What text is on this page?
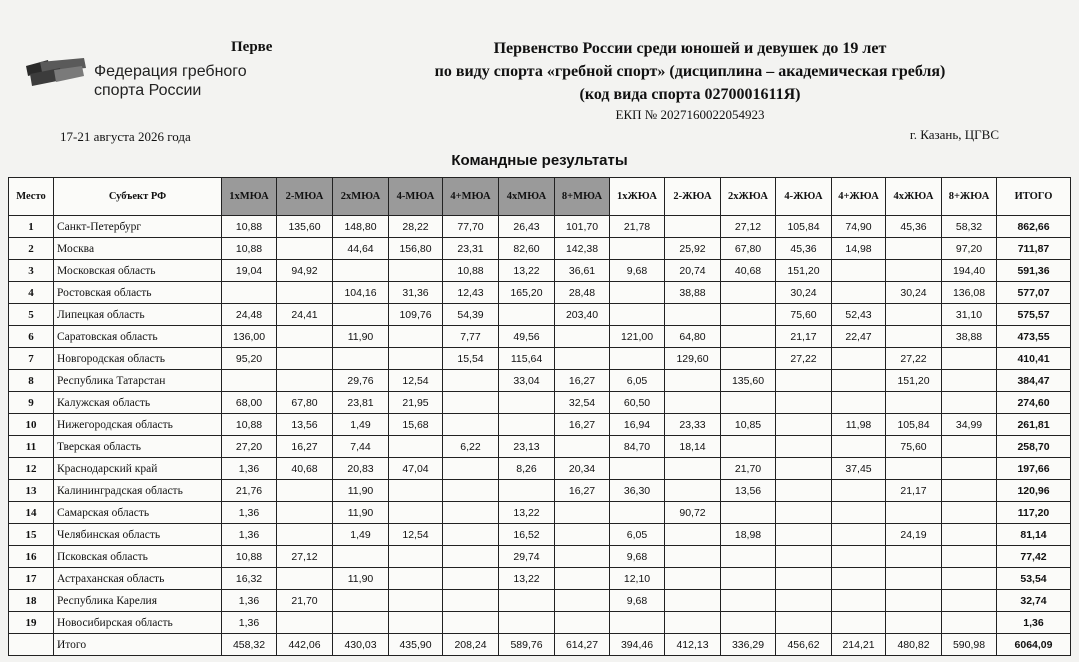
Федерация гребного
спорта России
Перве	Первенство России среди юношей и девушек до 19 лет
по виду спорта «гребной спорт» (дисциплина – академическая гребля)
(код вида спорта 0270001611Я)
ЕКП № 2027160022054923
17-21 августа 2026 года	г. Казань, ЦГВС
Командные результаты
Место	Субъект РФ	1хМЮА	2-МЮА	2хМЮА	4-МЮА	4+МЮА	4хМЮА	8+МЮА	1хЖЮА	2-ЖЮА	2хЖЮА	4-ЖЮА	4+ЖЮА	4хЖЮА	8+ЖЮА	ИТОГО
1	Санкт-Петербург	10,88	135,60	148,80	28,22	77,70	26,43	101,70	21,78		27,12	105,84	74,90	45,36	58,32	862,66
2	Москва	10,88		44,64	156,80	23,31	82,60	142,38		25,92	67,80	45,36	14,98		97,20	711,87
3	Московская область	19,04	94,92			10,88	13,22	36,61	9,68	20,74	40,68	151,20			194,40	591,36
4	Ростовская область			104,16	31,36	12,43	165,20	28,48		38,88		30,24		30,24	136,08	577,07
5	Липецкая область	24,48	24,41		109,76	54,39		203,40				75,60	52,43		31,10	575,57
6	Саратовская область	136,00		11,90		7,77	49,56		121,00	64,80		21,17	22,47		38,88	473,55
7	Новгородская область	95,20				15,54	115,64			129,60		27,22		27,22		410,41
8	Республика Татарстан			29,76	12,54		33,04	16,27	6,05		135,60			151,20		384,47
9	Калужская область	68,00	67,80	23,81	21,95			32,54	60,50							274,60
10	Нижегородская область	10,88	13,56	1,49	15,68			16,27	16,94	23,33	10,85		11,98	105,84	34,99	261,81
11	Тверская область	27,20	16,27	7,44		6,22	23,13		84,70	18,14				75,60		258,70
12	Краснодарский край	1,36	40,68	20,83	47,04		8,26	20,34			21,70		37,45			197,66
13	Калининградская область	21,76		11,90				16,27	36,30		13,56			21,17		120,96
14	Самарская область	1,36		11,90			13,22			90,72						117,20
15	Челябинская область	1,36		1,49	12,54		16,52		6,05		18,98			24,19		81,14
16	Псковская область	10,88	27,12				29,74		9,68							77,42
17	Астраханская область	16,32		11,90			13,22		12,10							53,54
18	Республика Карелия	1,36	21,70						9,68							32,74
19	Новосибирская область	1,36														1,36
	Итого	458,32	442,06	430,03	435,90	208,24	589,76	614,27	394,46	412,13	336,29	456,62	214,21	480,82	590,98	6064,09
